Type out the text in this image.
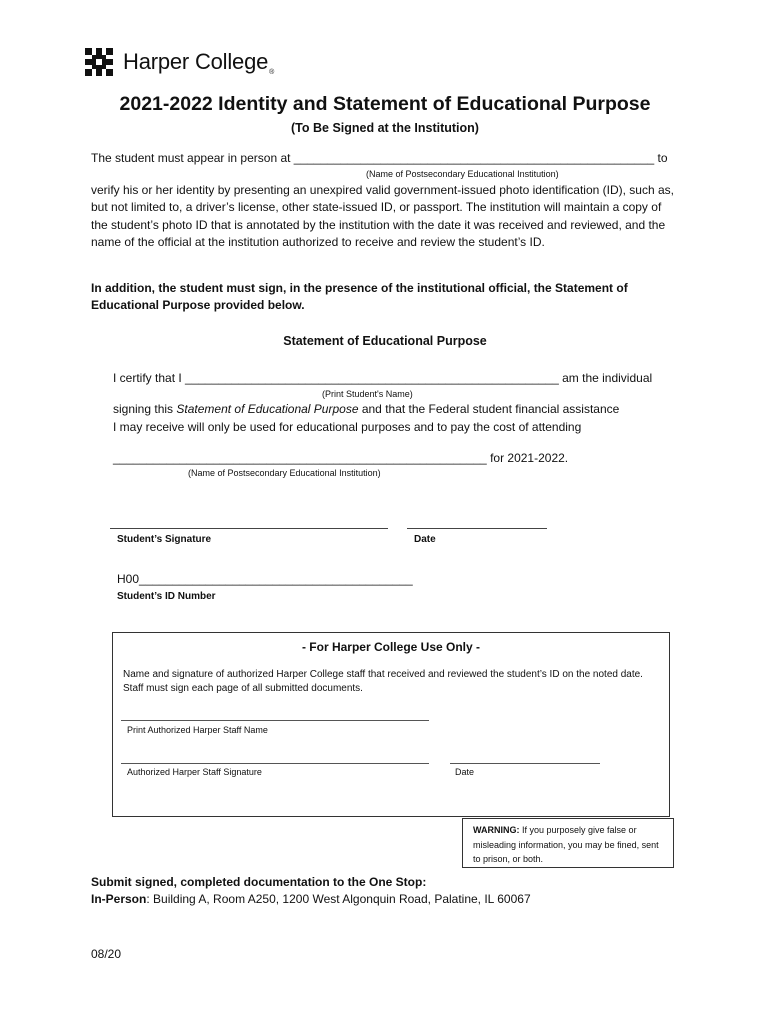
Harper College ®
2021-2022 Identity and Statement of Educational Purpose
(To Be Signed at the Institution)
The student must appear in person at ______________________________________________________ to
(Name of Postsecondary Educational Institution)
verify his or her identity by presenting an unexpired valid government-issued photo identification (ID), such as, but not limited to, a driver’s license, other state-issued ID, or passport. The institution will maintain a copy of the student’s photo ID that is annotated by the institution with the date it was received and reviewed, and the name of the official at the institution authorized to receive and review the student’s ID.
In addition, the student must sign, in the presence of the institutional official, the Statement of Educational Purpose provided below.
Statement of Educational Purpose
I certify that I ________________________________________________________ am the individual
(Print Student's Name)
signing this Statement of Educational Purpose and that the Federal student financial assistance
I may receive will only be used for educational purposes and to pay the cost of attending
________________________________________________________ for 2021-2022.
(Name of Postsecondary Educational Institution)
Student’s Signature	Date
H00_________________________________________
Student’s ID Number
- For Harper College Use Only -
Name and signature of authorized Harper College staff that received and reviewed the student’s ID on the noted date. Staff must sign each page of all submitted documents.
Print Authorized Harper Staff Name
Authorized Harper Staff Signature	Date
WARNING: If you purposely give false or misleading information, you may be fined, sent to prison, or both.
Submit signed, completed documentation to the One Stop:
In-Person: Building A, Room A250, 1200 West Algonquin Road, Palatine, IL 60067
08/20
